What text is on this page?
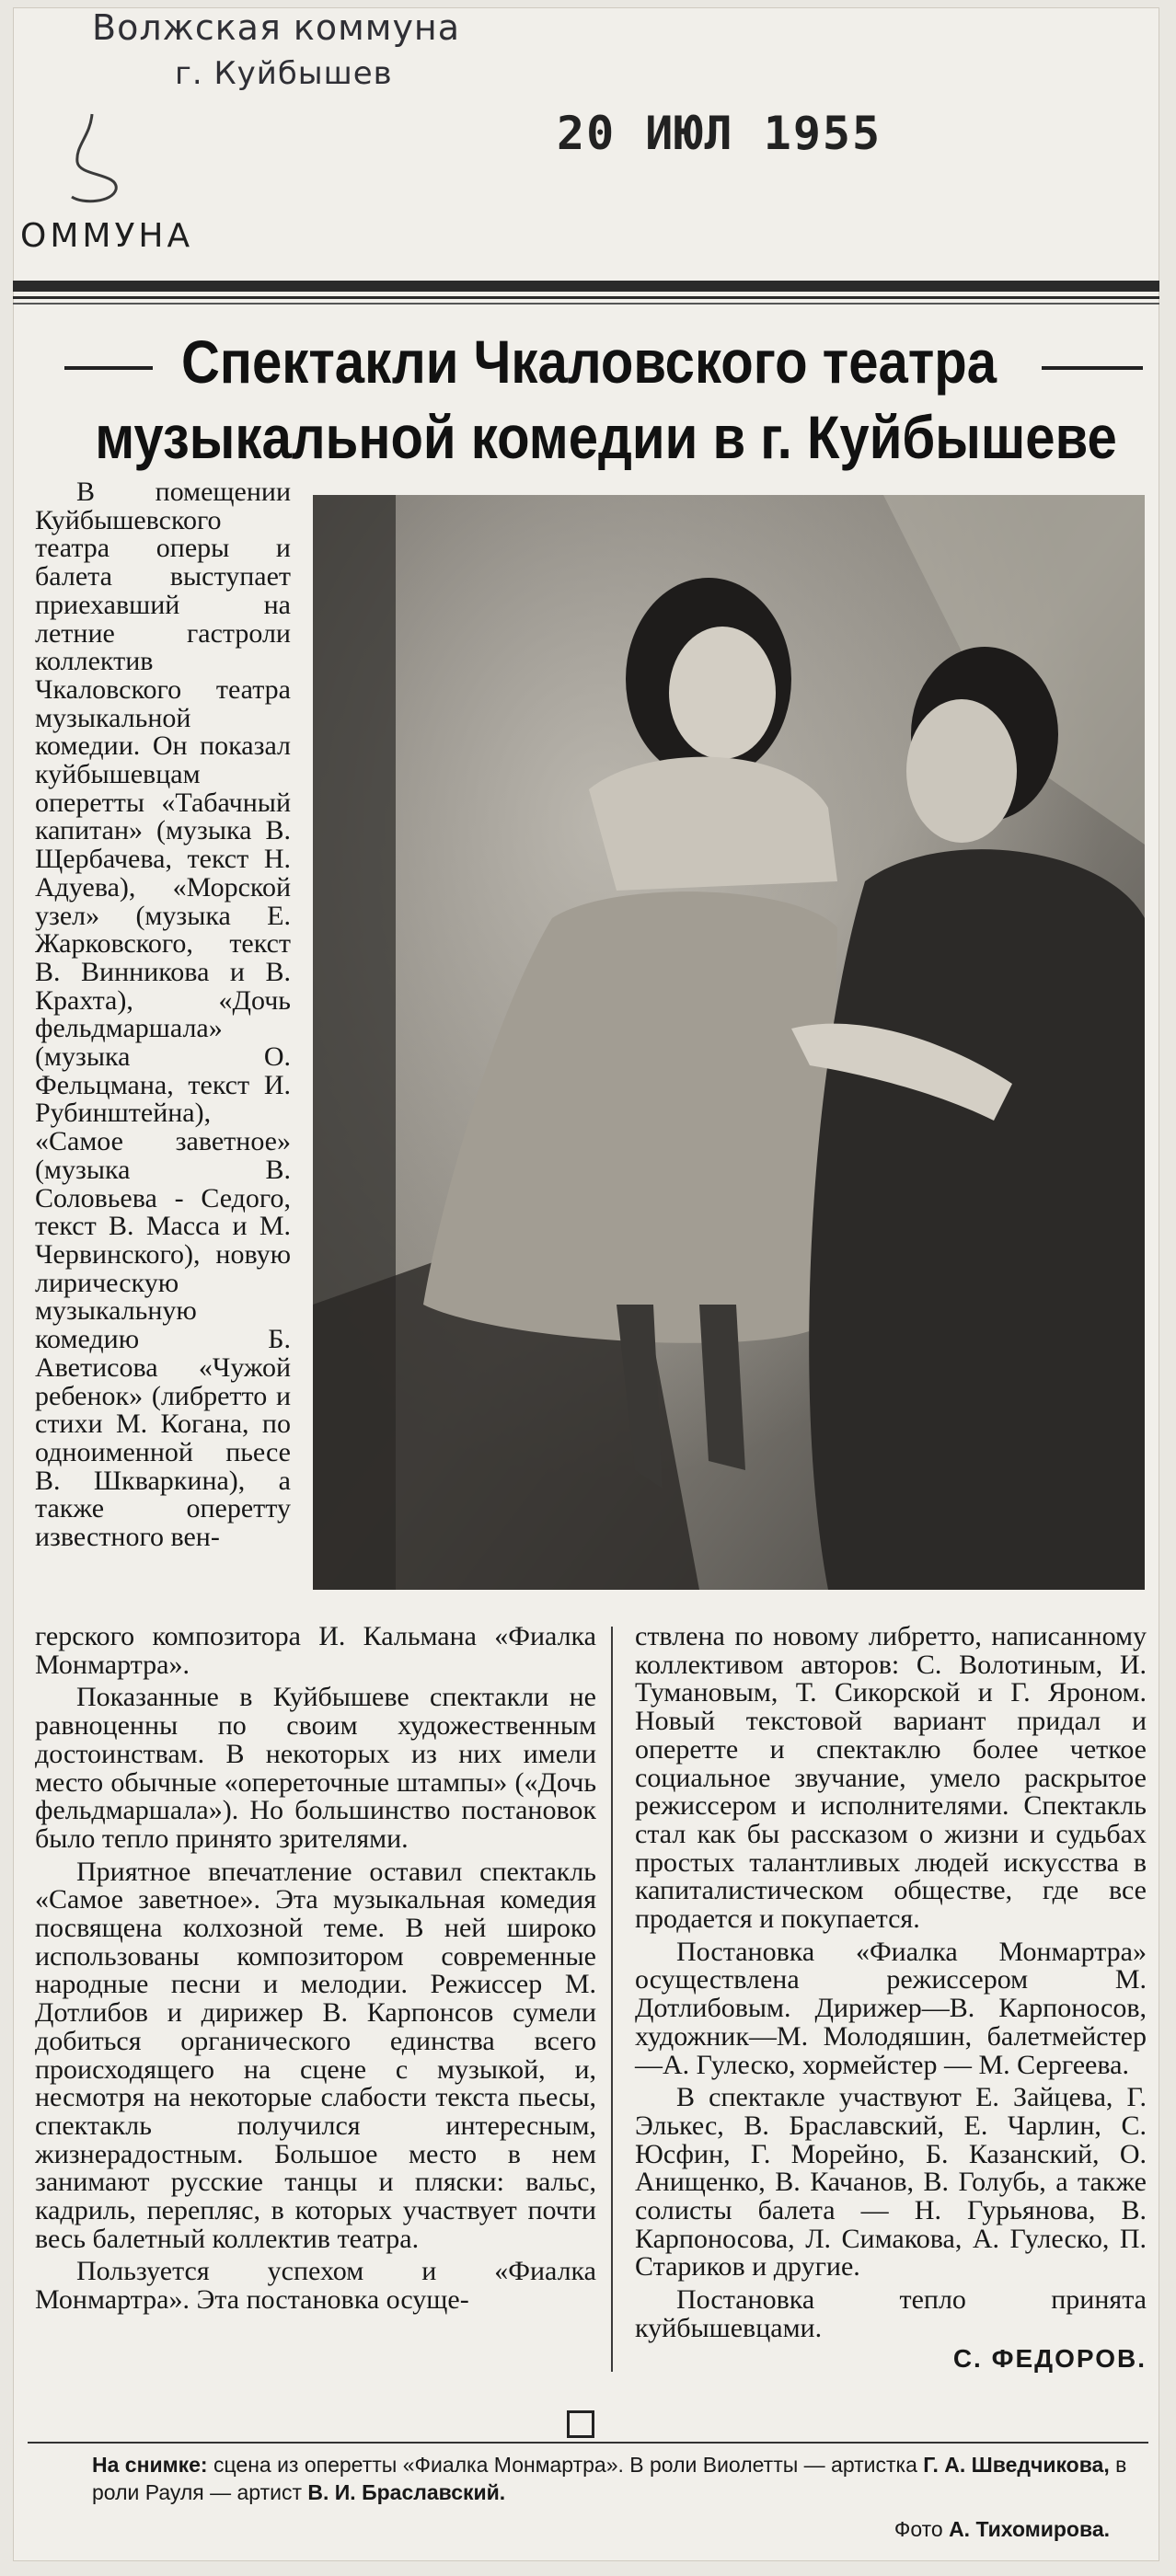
Волжская коммуна
г. Куйбышев
20 ИЮЛ 1955
ОММУНА
Спектакли Чкаловского театра
музыкальной комедии в г. Куйбышеве

В помещении Куйбышевского театра оперы и балета выступает приехавший на летние гастроли коллектив Чкаловского театра музыкальной комедии. Он показал куйбышевцам оперетты «Табачный капитан» (музыка В. Щербачева, текст Н. Адуева), «Морской узел» (музыка Е. Жарковского, текст В. Винникова и В. Крахта), «Дочь фельдмаршала» (музыка О. Фельцмана, текст И. Рубинштейна), «Самое заветное» (музыка В. Соловьева - Седого, текст В. Масса и М. Червинского), новую лирическую музыкальную комедию Б. Аветисова «Чужой ребенок» (либретто и стихи М. Когана, по одноименной пьесе В. Шкваркина), а также оперетту известного вен-

герского композитора И. Кальмана «Фиалка Монмартра».

Показанные в Куйбышеве спектакли не равноценны по своим художественным достоинствам. В некоторых из них имели место обычные «опереточные штампы» («Дочь фельдмаршала»). Но большинство постановок было тепло принято зрителями.

Приятное впечатление оставил спектакль «Самое заветное». Эта музыкальная комедия посвящена колхозной теме. В ней широко использованы композитором современные народные песни и мелодии. Режиссер М. Дотлибов и дирижер В. Карпонсов сумели добиться органического единства всего происходящего на сцене с музыкой, и, несмотря на некоторые слабости текста пьесы, спектакль получился интересным, жизнерадостным. Большое место в нем занимают русские танцы и пляски: вальс, кадриль, перепляс, в которых участвует почти весь балетный коллектив театра.

Пользуется успехом и «Фиалка Монмартра». Эта постановка осуще-

ствлена по новому либретто, написанному коллективом авторов: С. Волотиным, И. Тумановым, Т. Сикорской и Г. Яроном. Новый текстовой вариант придал и оперетте и спектаклю более четкое социальное звучание, умело раскрытое режиссером и исполнителями. Спектакль стал как бы рассказом о жизни и судьбах простых талантливых людей искусства в капиталистическом обществе, где все продается и покупается.

Постановка «Фиалка Монмартра» осуществлена режиссером М. Дотлибовым. Дирижер—В. Карпоносов, художник—М. Молодяшин, балетмейстер—А. Гулеско, хормейстер — М. Сергеева.

В спектакле участвуют Е. Зайцева, Г. Элькес, В. Браславский, Е. Чарлин, С. Юсфин, Г. Морейно, Б. Казанский, О. Анищенко, В. Качанов, В. Голубь, а также солисты балета — Н. Гурьянова, В. Карпоносова, Л. Симакова, А. Гулеско, П. Стариков и другие.

Постановка тепло принята куйбышевцами.

С. ФЕДОРОВ.
На снимке: сцена из оперетты «Фиалка Монмартра». В роли Виолетты — артистка Г. А. Шведчикова, в роли Рауля — артист В. И. Браславский.
Фото А. Тихомирова.
